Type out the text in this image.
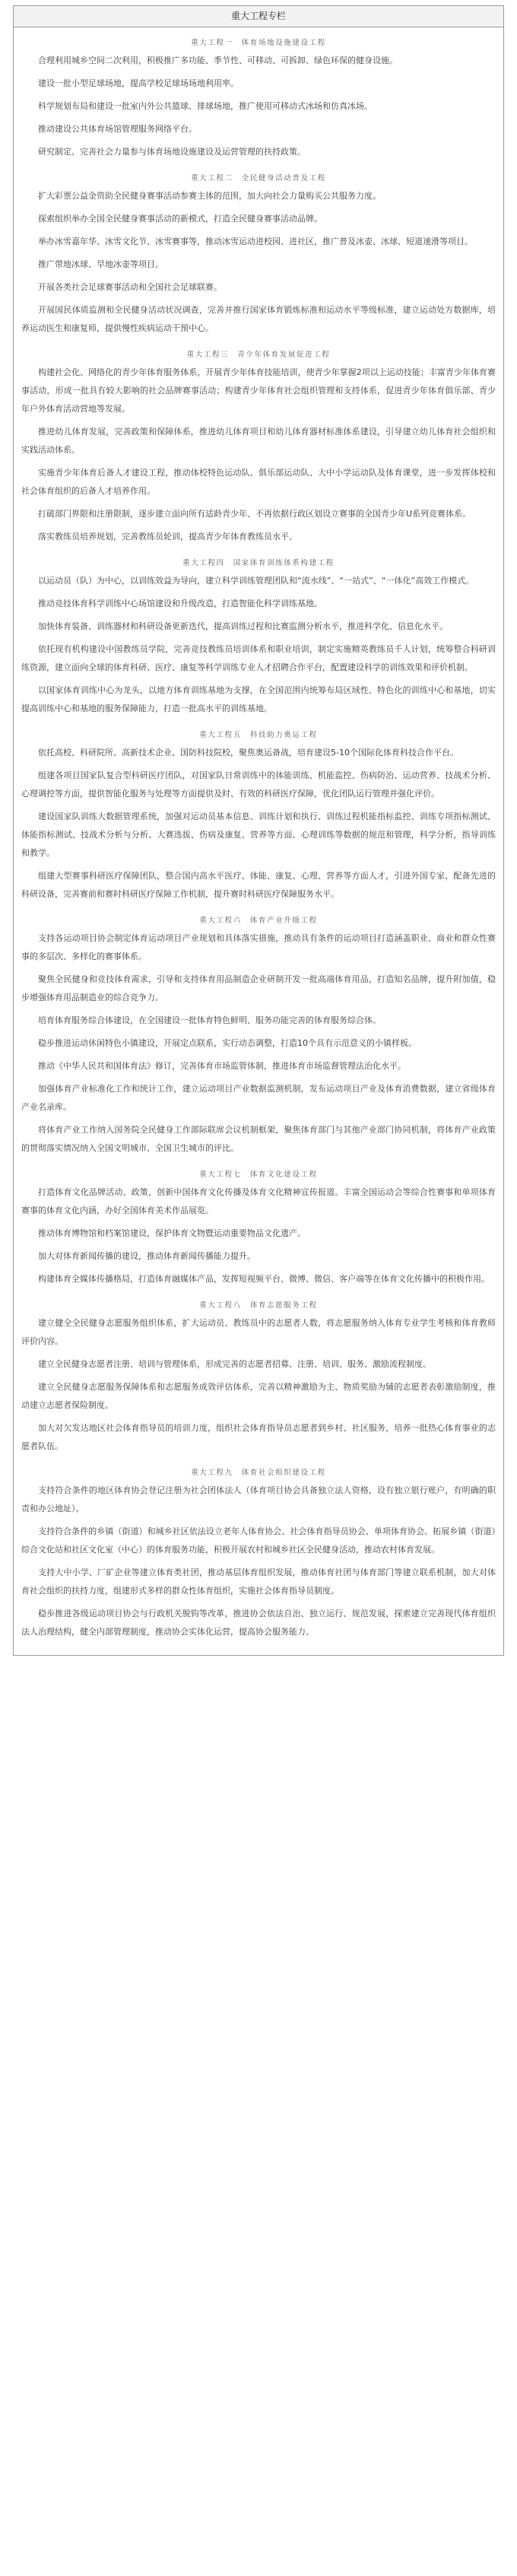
重大工程专栏
重大工程一　体育场地设施建设工程

合理利用城乡空间二次利用，积极推广多功能、季节性、可移动、可拆卸、绿色环保的健身设施。

建设一批小型足球场地，提高学校足球场场地利用率。

科学规划布局和建设一批室内外公共篮球、排球场地，推广使用可移动式冰场和仿真冰场。

推动建设公共体育场馆管理服务网络平台。

研究制定、完善社会力量参与体育场地设施建设及运营管理的扶持政策。

重大工程二　全民健身活动普及工程

扩大彩票公益金资助全民健身赛事活动参赛主体的范围，加大向社会力量购买公共服务力度。

探索组织举办全国全民健身赛事活动的新模式，打造全民健身赛事活动品牌。

举办冰雪嘉年华、冰雪文化节、冰雪赛事等，推动冰雪运动进校园、进社区，推广普及冰壶、冰球、短道速滑等项目。

推广带地冰球、旱地冰壶等项目。

开展各类社会足球赛事活动和全国社会足球联赛。

开展国民体质监测和全民健身活动状况调查，完善并推行国家体育锻炼标准和运动水平等级标准，建立运动处方数据库，培养运动医生和康复师，提供慢性疾病运动干预中心。

重大工程三　青少年体育发展促进工程

构建社会化、网络化的青少年体育服务体系，开展青少年体育技能培训，使青少年掌握2项以上运动技能；丰富青少年体育赛事活动，形成一批具有较大影响的社会品牌赛事活动；构建青少年体育社会组织管理和支持体系，促进青少年体育俱乐部、青少年户外体育活动营地等发展。

推进幼儿体育发展，完善政策和保障体系，推进幼儿体育项目和幼儿体育器材标准体系建设，引导建立幼儿体育社会组织和实践活动体系。

实施青少年体育后备人才建设工程，推动体校特色运动队、俱乐部运动队、大中小学运动队及体育课堂，进一步发挥体校和社会体育组织的后备人才培养作用。

打破部门界限和注册限制，逐步建立面向所有适龄青少年、不再依据行政区划设立赛事的全国青少年U系列竞赛体系。

落实教练员培养规划，完善教练员轮训，提高青少年体育教练员水平。

重大工程四　国家体育训练体系构建工程

以运动员（队）为中心，以训练效益为导向，建立科学训练管理团队和“流水线”、“一站式”、“一体化”高效工作模式。

推动竞技体育科学训练中心场馆建设和升级改造，打造智能化科学训练基地。

加快体育装备、训练器材和科研设备更新迭代，提高训练过程和比赛监测分析水平，推进科学化、信息化水平。

依托现有机构建设中国教练员学院，完善竞技教练员培训体系和职业培训，制定实施精英教练员千人计划，统筹整合科研训练资源，建立面向全球的体育科研、医疗、康复等科学训练专业人才招聘合作平台，配置建设科学的训练效果和评价机制。

以国家体育训练中心为龙头，以地方体育训练基地为支撑，在全国范围内统筹布局区域性、特色化的训练中心和基地，切实提高训练中心和基地的服务保障能力，打造一批高水平的训练基地。

重大工程五　科技助力奥运工程

依托高校、科研院所、高新技术企业、国防科技院校，聚焦奥运备战，培育建设5-10个国际化体育科技合作平台。

组建各项目国家队复合型科研医疗团队，对国家队日常训练中的体能训练、机能监控、伤病防治、运动营养、技战术分析、心理调控等方面，提供智能化服务与处理等方面提供及时、有效的科研医疗保障，优化团队运行管理并强化评价。

建设国家队训练大数据管理系统，加强对运动员基本信息、训练计划和执行、训练过程机能指标监控、训练专项指标测试、体能指标测试、技战术分析与分析、大赛选拔、伤病及康复、营养等方面、心理训练等数据的规范和管理，科学分析，指导训练和教学。

组建大型赛事科研医疗保障团队，整合国内高水平医疗、体能、康复、心理、营养等方面人才，引进外国专家，配备先进的科研设备，完善赛前和赛时科研医疗保障工作机制，提升赛时科研医疗保障服务水平。

重大工程六　体育产业升级工程

支持各运动项目协会制定体育运动项目产业规划和具体落实措施，推动具有条件的运动项目打造涵盖职业、商业和群众性赛事的多层次、多样化的赛事体系。

聚焦全民健身和竞技体育需求，引导和支持体育用品制造企业研制开发一批高端体育用品，打造知名品牌，提升附加值，稳步增强体育用品制造业的综合竞争力。

培育体育服务综合体建设，在全国建设一批体育特色鲜明、服务功能完善的体育服务综合体。

稳步推进运动休闲特色小镇建设，开展定点联系，实行动态调整，打造10个具有示范意义的小镇样板。

推动《中华人民共和国体育法》修订，完善体育市场监管体制，推进体育市场监督管理法治化水平。

加强体育产业标准化工作和统计工作，建立运动项目产业数据监测机制，发布运动项目产业及体育消费数据，建立省级体育产业名录库。

将体育产业工作纳入国务院全民健身工作部际联席会议机制框架，聚焦体育部门与其他产业部门协同机制，将体育产业政策的贯彻落实情况纳入全国文明城市、全国卫生城市的评比。

重大工程七　体育文化建设工程

打造体育文化品牌活动、政策，创新中国体育文化传播及体育文化精神宣传报道。丰富全国运动会等综合性赛事和单项体育赛事的体育文化内涵，办好全国体育美术作品展览。

推动体育博物馆和档案馆建设，保护体育文物暨运动重要物品文化遗产。

加大对体育新闻传播的建设，推动体育新闻传播能力提升。

构建体育全媒体传播格局，打造体育融媒体产品，发挥短视频平台、微博、微信、客户端等在体育文化传播中的积极作用。

重大工程八　体育志愿服务工程

建立健全全民健身志愿服务组织体系，扩大运动员、教练员中的志愿者人数，将志愿服务纳入体育专业学生考核和体育教师评价内容。

建立全民健身志愿者注册、培训与管理体系，形成完善的志愿者招募、注册、培训、服务、激励流程制度。

建立全民健身志愿服务保障体系和志愿服务成效评估体系，完善以精神激励为主、物质奖励为辅的志愿者表彰激励制度，推动建立志愿者保险制度。

加大对欠发达地区社会体育指导员的培训力度，组织社会体育指导员志愿者到乡村、社区服务，培养一批热心体育事业的志愿者队伍。

重大工程九　体育社会组织建设工程

支持符合条件的地区体育协会登记注册为社会团体法人（体育项目协会具备独立法人资格，设有独立银行账户，有明确的职责和办公地址）。

支持符合条件的乡镇（街道）和城乡社区依法设立老年人体育协会、社会体育指导员协会、单项体育协会。拓展乡镇（街道）综合文化站和社区文化室（中心）的体育服务功能，积极开展农村和城乡社区全民健身活动，推动农村体育发展。

支持大中小学、厂矿企业等建立体育类社团，推动基层体育组织发展，推动体育社团与体育部门等建立联系机制，加大对体育社会组织的扶持力度，组建形式多样的群众性体育组织，实施社会体育指导员制度。

稳步推进各级运动项目协会与行政机关脱钩等改革，推进协会依法自治、独立运行、规范发展，探索建立完善现代体育组织法人治理结构，健全内部管理制度，推动协会实体化运营，提高协会服务能力。
